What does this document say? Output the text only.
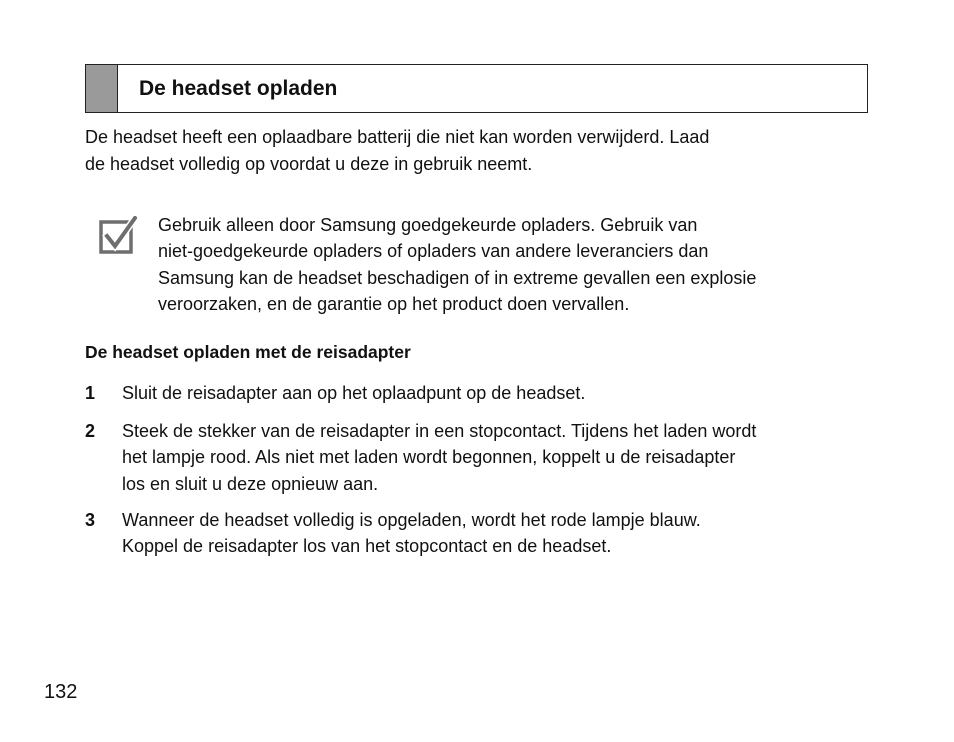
De headset opladen

De headset heeft een oplaadbare batterij die niet kan worden verwijderd. Laad
de headset volledig op voordat u deze in gebruik neemt.

Gebruik alleen door Samsung goedgekeurde opladers. Gebruik van
niet-goedgekeurde opladers of opladers van andere leveranciers dan
Samsung kan de headset beschadigen of in extreme gevallen een explosie
veroorzaken, en de garantie op het product doen vervallen.

De headset opladen met de reisadapter
1 Sluit de reisadapter aan op het oplaadpunt op de headset.

2 Steek de stekker van de reisadapter in een stopcontact. Tijdens het laden wordt
het lampje rood. Als niet met laden wordt begonnen, koppelt u de reisadapter
los en sluit u deze opnieuw aan.

3 Wanneer de headset volledig is opgeladen, wordt het rode lampje blauw.
Koppel de reisadapter los van het stopcontact en de headset.

132
